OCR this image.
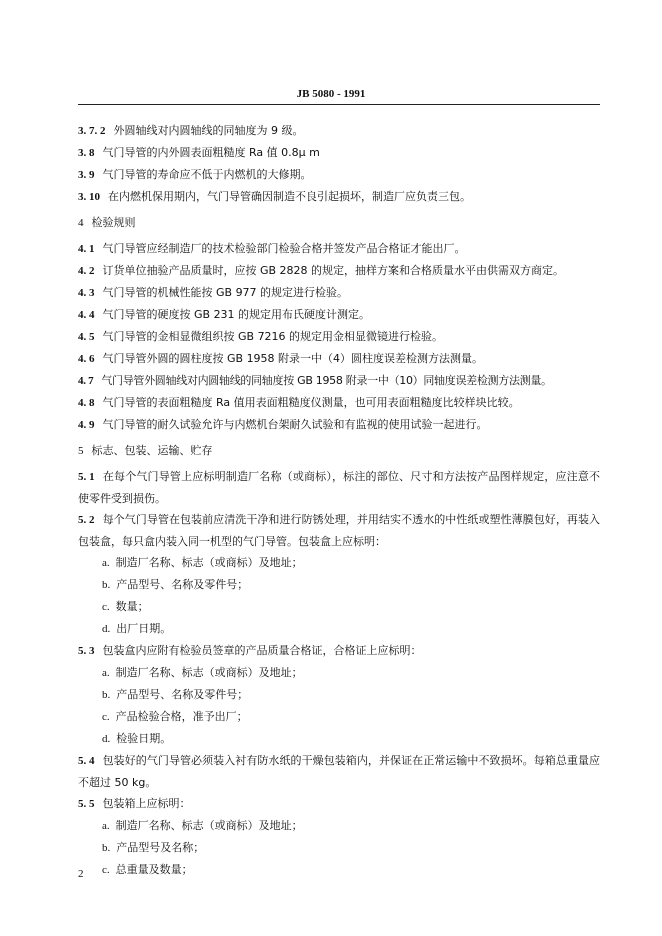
JB 5080 - 1991
3. 7. 2 外圆轴线对内圆轴线的同轴度为 9 级。
3. 8 气门导管的内外圆表面粗糙度 Ra 值 0.8μ m
3. 9 气门导管的寿命应不低于内燃机的大修期。
3. 10 在内燃机保用期内，气门导管确因制造不良引起损坏，制造厂应负责三包。
4 检验规则
4. 1 气门导管应经制造厂的技术检验部门检验合格并签发产品合格证才能出厂。
4. 2 订货单位抽验产品质量时，应按 GB 2828 的规定，抽样方案和合格质量水平由供需双方商定。
4. 3 气门导管的机械性能按 GB 977 的规定进行检验。
4. 4 气门导管的硬度按 GB 231 的规定用布氏硬度计测定。
4. 5 气门导管的金相显微组织按 GB 7216 的规定用金相显微镜进行检验。
4. 6 气门导管外圆的圆柱度按 GB 1958 附录一中（4）圆柱度误差检测方法测量。
4. 7 气门导管外圆轴线对内圆轴线的同轴度按 GB 1958 附录一中（10）同轴度误差检测方法测量。
4. 8 气门导管的表面粗糙度 Ra 值用表面粗糙度仪测量，也可用表面粗糙度比较样块比较。
4. 9 气门导管的耐久试验允许与内燃机台架耐久试验和有监视的使用试验一起进行。
5 标志、包装、运输、贮存
5. 1 在每个气门导管上应标明制造厂名称（或商标），标注的部位、尺寸和方法按产品图样规定，应注意不使零件受到损伤。
5. 2 每个气门导管在包装前应清洗干净和进行防锈处理，并用结实不透水的中性纸或塑性薄膜包好，再装入包装盒，每只盒内装入同一机型的气门导管。包装盒上应标明：
a. 制造厂名称、标志（或商标）及地址；
b. 产品型号、名称及零件号；
c. 数量；
d. 出厂日期。
5. 3 包装盒内应附有检验员签章的产品质量合格证，合格证上应标明：
a. 制造厂名称、标志（或商标）及地址；
b. 产品型号、名称及零件号；
c. 产品检验合格，准予出厂；
d. 检验日期。
5. 4 包装好的气门导管必须装入衬有防水纸的干燥包装箱内，并保证在正常运输中不致损坏。每箱总重量应不超过 50 kg。
5. 5 包装箱上应标明：
a. 制造厂名称、标志（或商标）及地址；
b. 产品型号及名称；
c. 总重量及数量；
2
